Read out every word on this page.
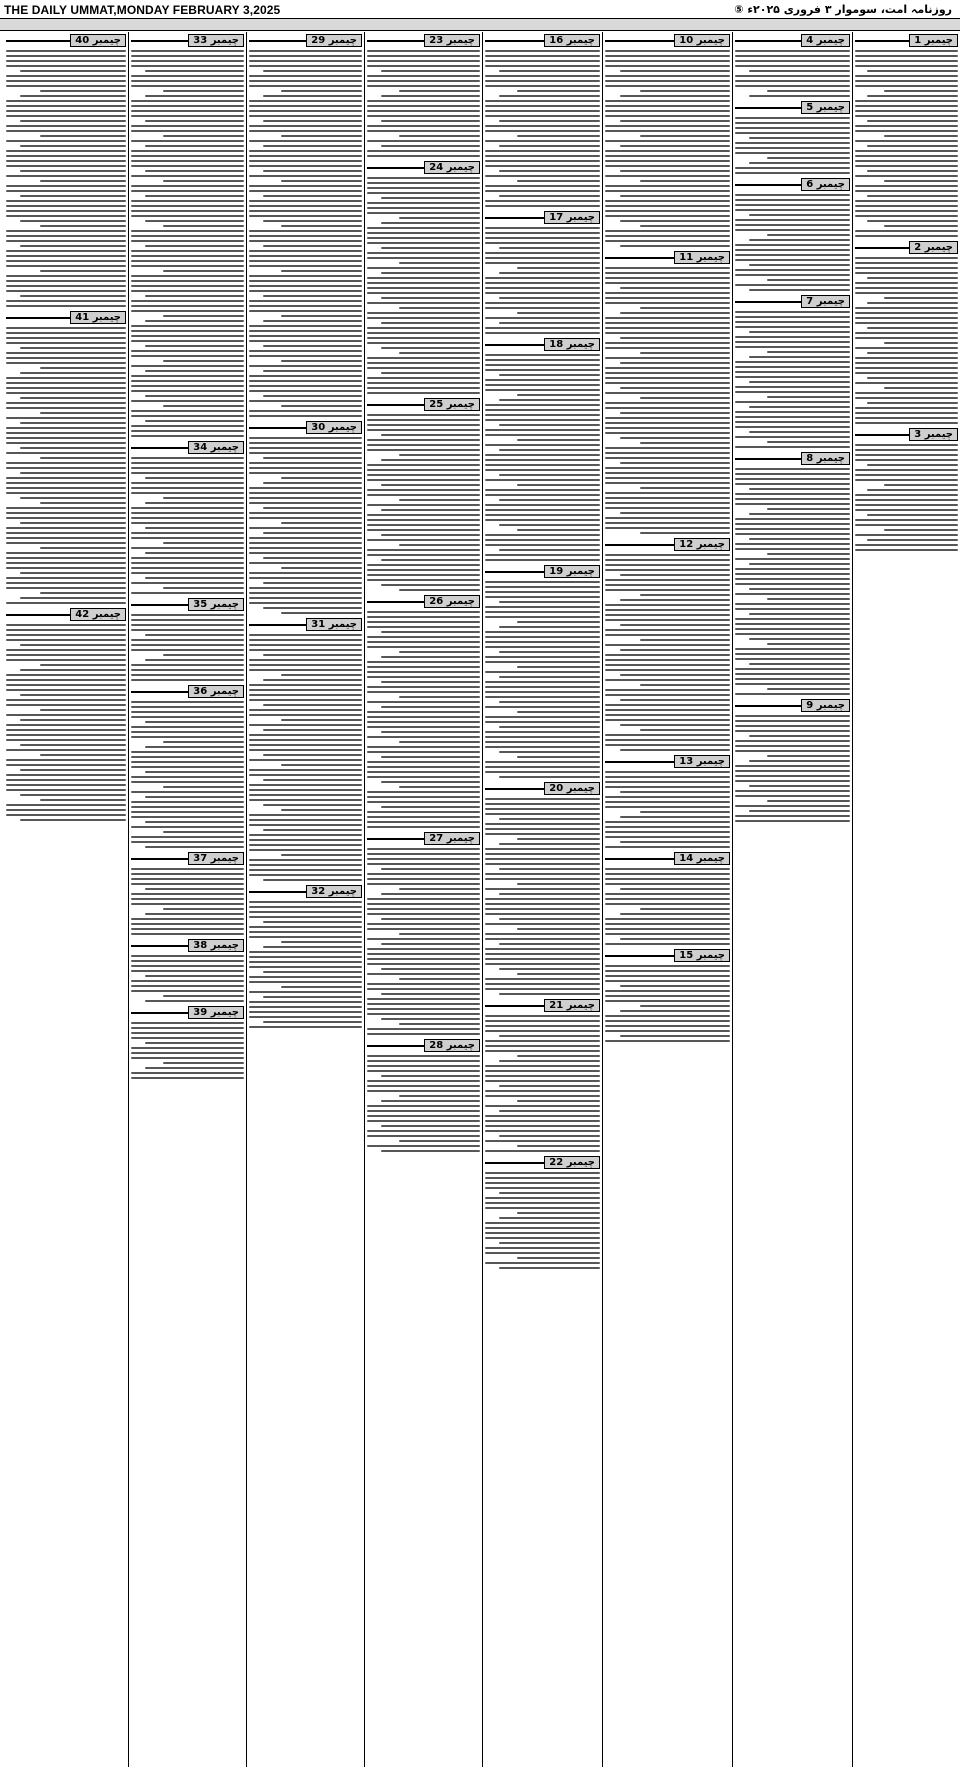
THE DAILY UMMAT,MONDAY FEBRUARY 3,2025	روزنامہ امت، سوموار ۳ فروری ۲۰۲۵ء ⑤
چیمبر 1
چیمبر 2
چیمبر 3
چیمبر 4
چیمبر 5
چیمبر 6
چیمبر 7
چیمبر 8
چیمبر 9
چیمبر 10
چیمبر 11
چیمبر 12
چیمبر 13
چیمبر 14
چیمبر 15
چیمبر 16
چیمبر 17
چیمبر 18
چیمبر 19
چیمبر 20
چیمبر 21
چیمبر 22
چیمبر 23
چیمبر 24
چیمبر 25
چیمبر 26
چیمبر 27
چیمبر 28
چیمبر 29
چیمبر 30
چیمبر 31
چیمبر 32
چیمبر 33
چیمبر 34
چیمبر 35
چیمبر 36
چیمبر 37
چیمبر 38
چیمبر 39
چیمبر 40
چیمبر 41
چیمبر 42
